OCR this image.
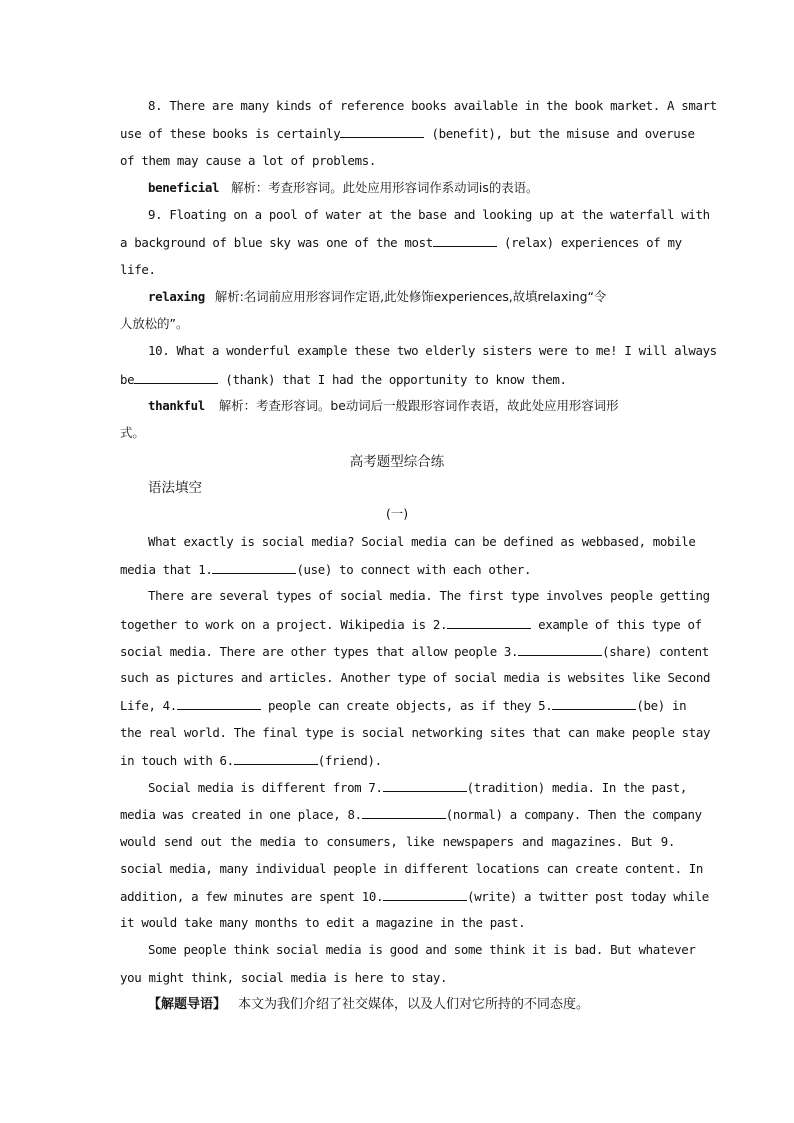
8. There are many kinds of reference books available in the book market. A smart
use of these books is certainly	(benefit), but the misuse and overuse
of them may cause a lot of problems.
beneficial 解析：考查形容词。此处应用形容词作系动词is的表语。
9. Floating on a pool of water at the base and looking up at the waterfall with
a background of blue sky was one of the most	(relax) experiences of my
life.
relaxing 解析:名词前应用形容词作定语,此处修饰experiences,故填relaxing“令
人放松的”。
10. What a wonderful example these two elderly sisters were to me! I will always
be	(thank) that I had the opportunity to know them.
thankful 解析：考查形容词。be动词后一般跟形容词作表语，故此处应用形容词形
式。
高考题型综合练
语法填空
(一)
What exactly is social media? Social media can be defined as webbased, mobile
media that 1.	(use) to connect with each other.
There are several types of social media. The first type involves people getting
together to work on a project. Wikipedia is 2.	example of this type of
social media. There are other types that allow people 3.	(share) content
such as pictures and articles. Another type of social media is websites like Second
Life, 4.	people can create objects, as if they 5.	(be) in
the real world. The final type is social networking sites that can make people stay
in touch with 6.	(friend).
Social media is different from 7.	(tradition) media. In the past,
media was created in one place, 8.	(normal) a company. Then the company
would send out the media to consumers, like newspapers and magazines. But 9.
social media, many individual people in different locations can create content. In
addition, a few minutes are spent 10.	(write) a twitter post today while
it would take many months to edit a magazine in the past.
Some people think social media is good and some think it is bad. But whatever
you might think, social media is here to stay.
【解题导语】 本文为我们介绍了社交媒体，以及人们对它所持的不同态度。
